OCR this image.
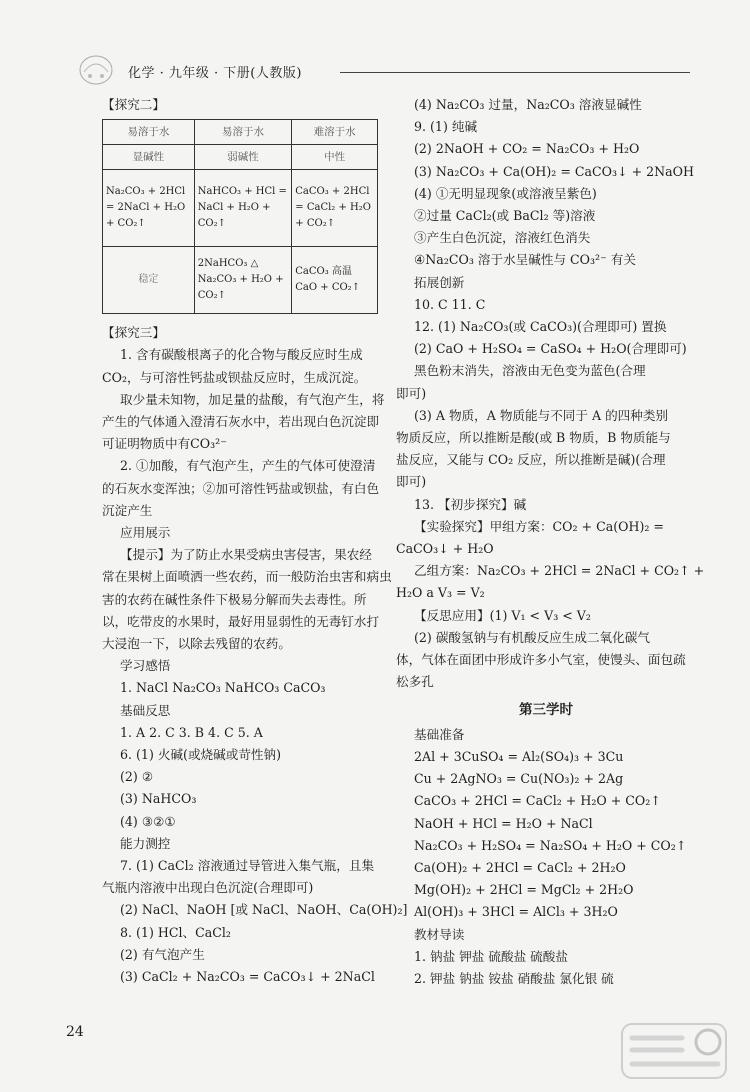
化学 · 九年级 · 下册(人教版)
【探究二】
易溶于水	易溶于水	难溶于水
显碱性	弱碱性	中性
Na₂CO₃ + 2HCl = 2NaCl + H₂O + CO₂↑	NaHCO₃ + HCl = NaCl + H₂O + CO₂↑	CaCO₃ + 2HCl = CaCl₂ + H₂O + CO₂↑
稳定	2NaHCO₃ △ Na₂CO₃ + H₂O + CO₂↑	CaCO₃ 高温 CaO + CO₂↑
【探究三】
1. 含有碳酸根离子的化合物与酸反应时生成
CO₂，与可溶性钙盐或钡盐反应时，生成沉淀。
取少量未知物，加足量的盐酸，有气泡产生，将
产生的气体通入澄清石灰水中，若出现白色沉淀即
可证明物质中有CO₃²⁻
2. ①加酸，有气泡产生，产生的气体可使澄清
的石灰水变浑浊；②加可溶性钙盐或钡盐，有白色
沉淀产生
应用展示
【提示】为了防止水果受病虫害侵害，果农经
常在果树上面喷洒一些农药，而一般防治虫害和病虫
害的农药在碱性条件下极易分解而失去毒性。所
以，吃带皮的水果时，最好用显弱性的无毒钉水打
大浸泡一下，以除去残留的农药。
学习感悟
1. NaCl Na₂CO₃ NaHCO₃ CaCO₃
基础反思
1. A 2. C 3. B 4. C 5. A
6. (1) 火碱(或烧碱或苛性钠)
(2) ②
(3) NaHCO₃
(4) ③②①
能力测控
7. (1) CaCl₂ 溶液通过导管进入集气瓶，且集
气瓶内溶液中出现白色沉淀(合理即可)
(2) NaCl、NaOH [或 NaCl、NaOH、Ca(OH)₂]
8. (1) HCl、CaCl₂
(2) 有气泡产生
(3) CaCl₂ + Na₂CO₃ = CaCO₃↓ + 2NaCl
(4) Na₂CO₃ 过量，Na₂CO₃ 溶液显碱性
9. (1) 纯碱
(2) 2NaOH + CO₂ = Na₂CO₃ + H₂O
(3) Na₂CO₃ + Ca(OH)₂ = CaCO₃↓ + 2NaOH
(4) ①无明显现象(或溶液呈紫色)
②过量 CaCl₂(或 BaCl₂ 等)溶液
③产生白色沉淀，溶液红色消失
④Na₂CO₃ 溶于水呈碱性与 CO₃²⁻ 有关
拓展创新
10. C 11. C
12. (1) Na₂CO₃(或 CaCO₃)(合理即可) 置换
(2) CaO + H₂SO₄ = CaSO₄ + H₂O(合理即可)
黑色粉末消失，溶液由无色变为蓝色(合理
即可)
(3) A 物质，A 物质能与不同于 A 的四种类别
物质反应，所以推断是酸(或 B 物质，B 物质能与
盐反应，又能与 CO₂ 反应，所以推断是碱)(合理
即可)
13. 【初步探究】碱
【实验探究】甲组方案：CO₂ + Ca(OH)₂ =
CaCO₃↓ + H₂O
乙组方案：Na₂CO₃ + 2HCl = 2NaCl + CO₂↑ +
H₂O a V₃ = V₂
【反思应用】(1) V₁ < V₃ < V₂
(2) 碳酸氢钠与有机酸反应生成二氧化碳气
体，气体在面团中形成许多小气室，使馒头、面包疏
松多孔
第三学时
基础准备
2Al + 3CuSO₄ = Al₂(SO₄)₃ + 3Cu
Cu + 2AgNO₃ = Cu(NO₃)₂ + 2Ag
CaCO₃ + 2HCl = CaCl₂ + H₂O + CO₂↑
NaOH + HCl = H₂O + NaCl
Na₂CO₃ + H₂SO₄ = Na₂SO₄ + H₂O + CO₂↑
Ca(OH)₂ + 2HCl = CaCl₂ + 2H₂O
Mg(OH)₂ + 2HCl = MgCl₂ + 2H₂O
Al(OH)₃ + 3HCl = AlCl₃ + 3H₂O
教材导读
1. 钠盐 钾盐 硫酸盐 硫酸盐
2. 钾盐 钠盐 铵盐 硝酸盐 氯化银 硫
24
